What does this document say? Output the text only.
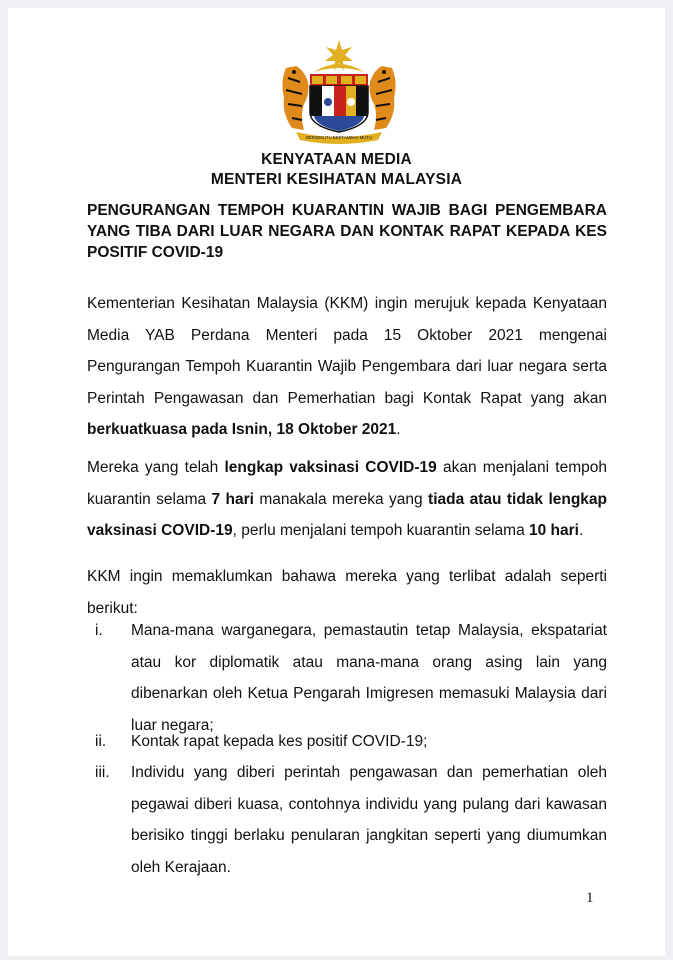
BERSEKUTU BERTAMBAH MUTU
KENYATAAN MEDIA
MENTERI KESIHATAN MALAYSIA
PENGURANGAN TEMPOH KUARANTIN WAJIB BAGI PENGEMBARA YANG TIBA DARI LUAR NEGARA DAN KONTAK RAPAT KEPADA KES POSITIF COVID-19

Kementerian Kesihatan Malaysia (KKM) ingin merujuk kepada Kenyataan Media YAB Perdana Menteri pada 15 Oktober 2021 mengenai Pengurangan Tempoh Kuarantin Wajib Pengembara dari luar negara serta Perintah Pengawasan dan Pemerhatian bagi Kontak Rapat yang akan berkuatkuasa pada Isnin, 18 Oktober 2021.

Mereka yang telah lengkap vaksinasi COVID-19 akan menjalani tempoh kuarantin selama 7 hari manakala mereka yang tiada atau tidak lengkap vaksinasi COVID-19, perlu menjalani tempoh kuarantin selama 10 hari.

KKM ingin memaklumkan bahawa mereka yang terlibat adalah seperti berikut:

i. Mana-mana warganegara, pemastautin tetap Malaysia, ekspatariat atau kor diplomatik atau mana-mana orang asing lain yang dibenarkan oleh Ketua Pengarah Imigresen memasuki Malaysia dari luar negara;

ii. Kontak rapat kepada kes positif COVID-19;

iii. Individu yang diberi perintah pengawasan dan pemerhatian oleh pegawai diberi kuasa, contohnya individu yang pulang dari kawasan berisiko tinggi berlaku penularan jangkitan seperti yang diumumkan oleh Kerajaan.

1
